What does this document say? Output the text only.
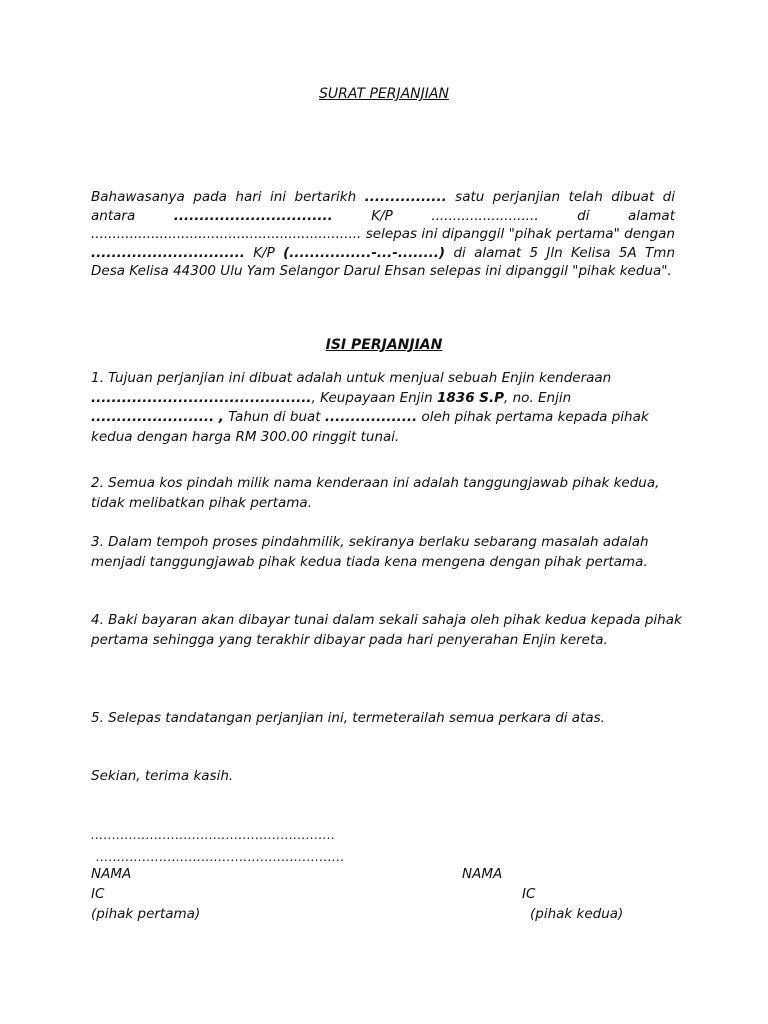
SURAT PERJANJIAN
Bahawasanya pada hari ini bertarikh ................ satu perjanjian telah dibuat di antara ............................... K/P ......................... di alamat ............................................................... selepas ini dipanggil "pihak pertama" dengan .............................. K/P (................-...-........) di alamat 5 Jln Kelisa 5A Tmn Desa Kelisa 44300 Ulu Yam Selangor Darul Ehsan selepas ini dipanggil "pihak kedua".
ISI PERJANJIAN

1. Tujuan perjanjian ini dibuat adalah untuk menjual sebuah Enjin kenderaan ..........................................., Keupayaan Enjin 1836 S.P, no. Enjin ........................ , Tahun di buat .................. oleh pihak pertama kepada pihak kedua dengan harga RM 300.00 ringgit tunai.

2. Semua kos pindah milik nama kenderaan ini adalah tanggungjawab pihak kedua, tidak melibatkan pihak pertama.

3. Dalam tempoh proses pindahmilik, sekiranya berlaku sebarang masalah adalah menjadi tanggungjawab pihak kedua tiada kena mengena dengan pihak pertama.

4. Baki bayaran akan dibayar tunai dalam sekali sahaja oleh pihak kedua kepada pihak pertama sehingga yang terakhir dibayar pada hari penyerahan Enjin kereta.

5. Selepas tandatangan perjanjian ini, termeterailah semua perkara di atas.

Sekian, terima kasih.

..........................................................
...........................................................
NAMA	NAMA
IC	IC
(pihak pertama)	(pihak kedua)
